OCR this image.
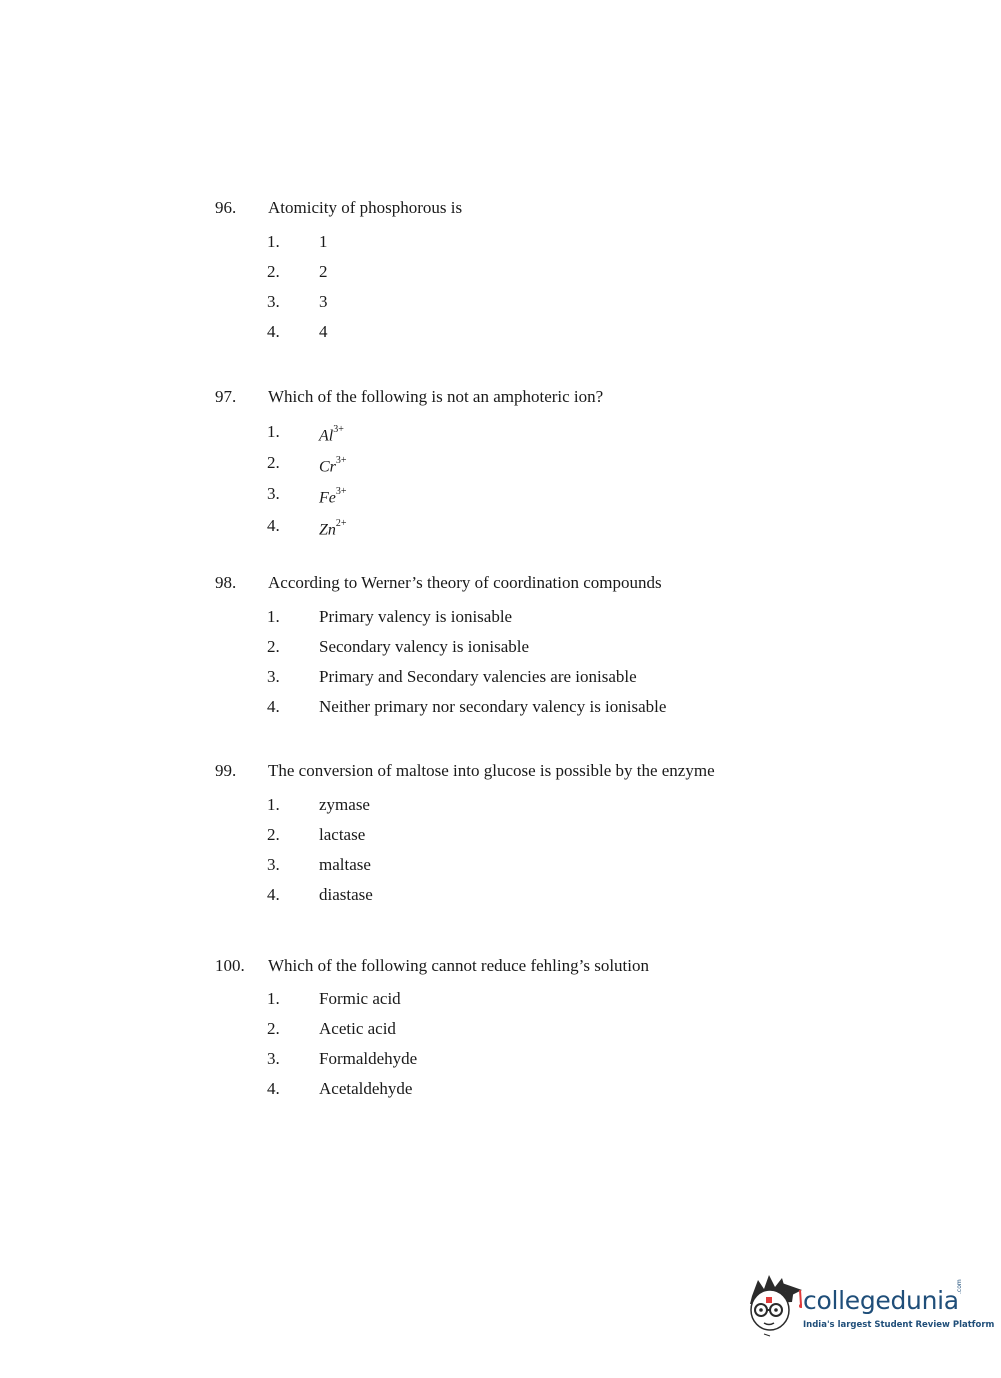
96. Atomicity of phosphorous is
1. 1
2. 2
3. 3
4. 4
97. Which of the following is not an amphoteric ion?
1. $Al^{3+}$
2. $Cr^{3+}$
3. $Fe^{3+}$
4. $Zn^{2+}$
98. According to Werner’s theory of coordination compounds
1. Primary valency is ionisable
2. Secondary valency is ionisable
3. Primary and Secondary valencies are ionisable
4. Neither primary nor secondary valency is ionisable
99. The conversion of maltose into glucose is possible by the enzyme
1. zymase
2. lactase
3. maltase
4. diastase
100. Which of the following cannot reduce fehling’s solution
1. Formic acid
2. Acetic acid
3. Formaldehyde
4. Acetaldehyde
collegedunia
.com
India's largest Student Review Platform
